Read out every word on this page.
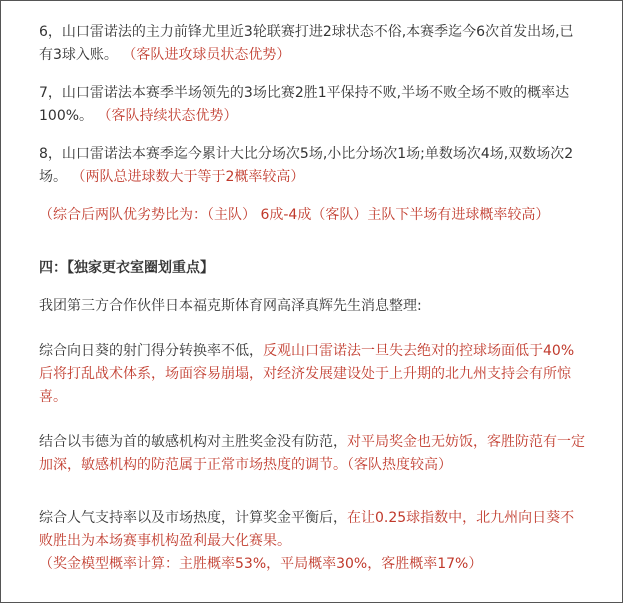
6，山口雷诺法的主力前锋尤里近3轮联赛打进2球状态不俗,本赛季迄今6次首发出场,已有3球入账。 （客队进攻球员状态优势）

7，山口雷诺法本赛季半场领先的3场比赛2胜1平保持不败,半场不败全场不败的概率达100%。 （客队持续状态优势）

8，山口雷诺法本赛季迄今累计大比分场次5场,小比分场次1场;单数场次4场,双数场次2场。 （两队总进球数大于等于2概率较高）

（综合后两队优劣势比为：（主队） 6成-4成（客队）主队下半场有进球概率较高）

四：【独家更衣室圈划重点】

我团第三方合作伙伴日本福克斯体育网高泽真辉先生消息整理:

综合向日葵的射门得分转换率不低，反观山口雷诺法一旦失去绝对的控球场面低于40%后将打乱战术体系，场面容易崩塌，对经济发展建设处于上升期的北九州支持会有所惊喜。

结合以韦德为首的敏感机构对主胜奖金没有防范，对平局奖金也无妨饭，客胜防范有一定加深，敏感机构的防范属于正常市场热度的调节。（客队热度较高）

综合人气支持率以及市场热度，计算奖金平衡后，在让0.25球指数中，北九州向日葵不败胜出为本场赛事机构盈利最大化赛果。

（奖金模型概率计算：主胜概率53%，平局概率30%，客胜概率17%）
